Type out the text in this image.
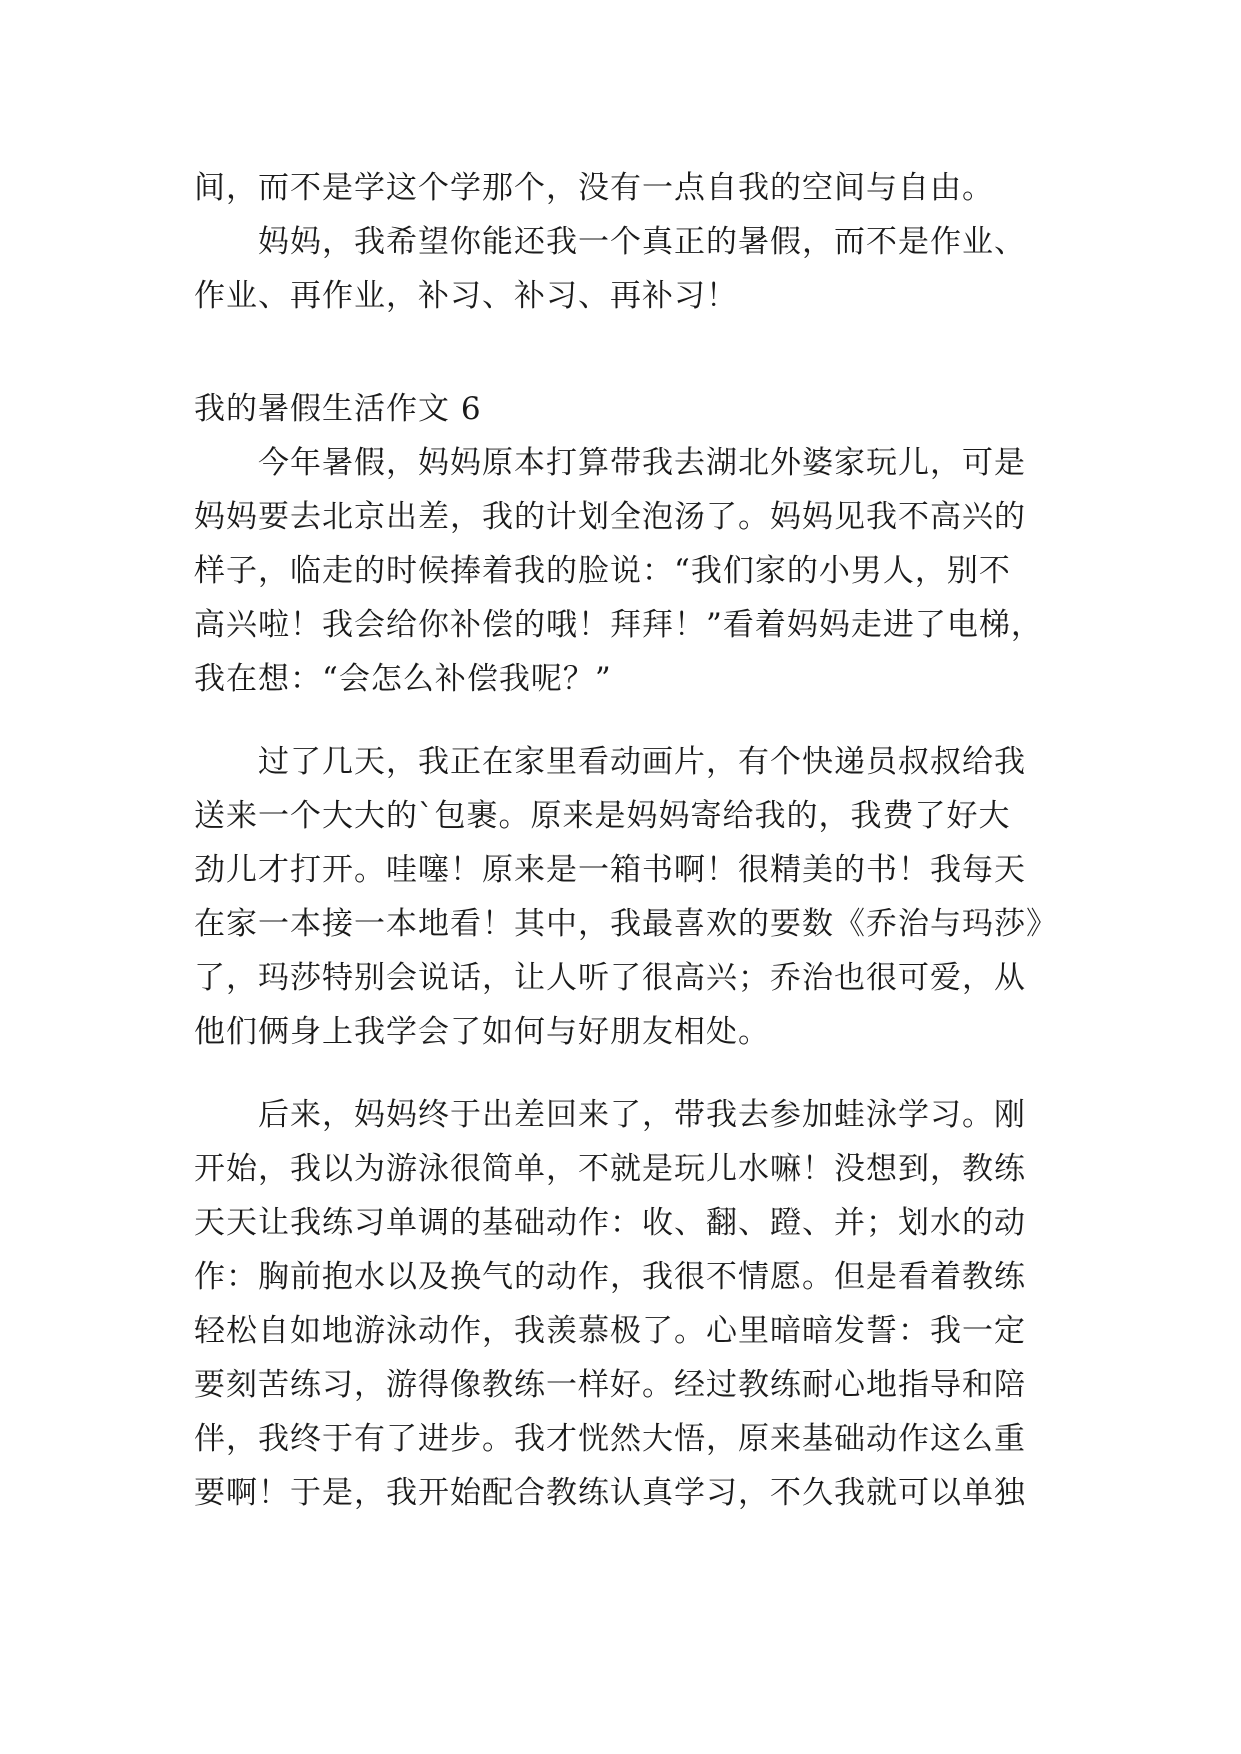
间，而不是学这个学那个，没有一点自我的空间与自由。

妈妈，我希望你能还我一个真正的暑假，而不是作业、

作业、再作业，补习、补习、再补习！

我的暑假生活作文 6

今年暑假，妈妈原本打算带我去湖北外婆家玩儿，可是

妈妈要去北京出差，我的计划全泡汤了。妈妈见我不高兴的

样子，临走的时候捧着我的脸说：“我们家的小男人，别不

高兴啦！我会给你补偿的哦！拜拜！”看着妈妈走进了电梯，

我在想：“会怎么补偿我呢？”

过了几天，我正在家里看动画片，有个快递员叔叔给我

送来一个大大的`包裹。原来是妈妈寄给我的，我费了好大

劲儿才打开。哇噻！原来是一箱书啊！很精美的书！我每天

在家一本接一本地看！其中，我最喜欢的要数《乔治与玛莎》

了，玛莎特别会说话，让人听了很高兴；乔治也很可爱，从

他们俩身上我学会了如何与好朋友相处。

后来，妈妈终于出差回来了，带我去参加蛙泳学习。刚

开始，我以为游泳很简单，不就是玩儿水嘛！没想到，教练

天天让我练习单调的基础动作：收、翻、蹬、并；划水的动

作：胸前抱水以及换气的动作，我很不情愿。但是看着教练

轻松自如地游泳动作，我羡慕极了。心里暗暗发誓：我一定

要刻苦练习，游得像教练一样好。经过教练耐心地指导和陪

伴，我终于有了进步。我才恍然大悟，原来基础动作这么重

要啊！于是，我开始配合教练认真学习，不久我就可以单独
